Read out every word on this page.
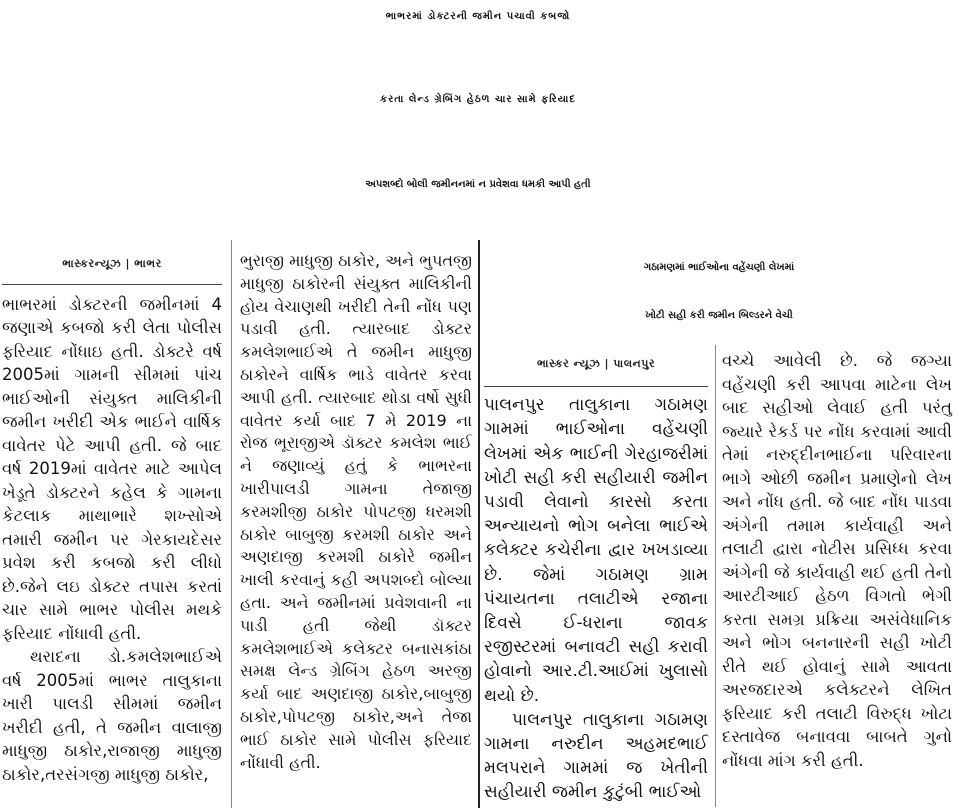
ભાભરમાં ડોક્ટરની જમીન પચાવી કબજો
કરતા લેન્ડ ગ્રેબિંગ હેઠળ ચાર સામે ફરિયાદ
અપશબ્દો બોલી જમીનનમાં ન પ્રવેશવા ધમકી આપી હતી
ભાસ્કરન્યૂઝ | ભાભર

ભાભરમાં ડોક્ટરની જમીનમાં 4 જણાએ કબજો કરી લેતા પોલીસ ફરિયાદ નોંધાઇ હતી. ડોક્ટરે વર્ષ 2005માં ગામની સીમમાં પાંચ ભાઈઓની સંયુક્ત માલિકીની જમીન ખરીદી એક ભાઈને વાર્ષિક વાવેતર પેટે આપી હતી. જે બાદ વર્ષ 2019માં વાવેતર માટે આપેલ ખેડૂતે ડોક્ટરને કહેલ કે ગામના કેટલાક માથાભારે શખ્સોએ તમારી જમીન પર ગેરકાયદેસર પ્રવેશ કરી કબજો કરી લીધો છે.જેને લઇ ડોક્ટર તપાસ કરતાં ચાર સામે ભાભર પોલીસ મથકે ફરિયાદ નોંધાવી હતી.

થરાદના ડો.કમલેશભાઈએ વર્ષ 2005માં ભાભર તાલુકાના ખારી પાલડી સીમમાં જમીન ખરીદી હતી, તે જમીન વાલાજી માધુજી ઠાકોર,રાજાજી માધુજી ઠાકોર,તરસંગજી માધુજી ઠાકોર,

ભુરાજી માધુજી ઠાકોર, અને ભુપતજી માધુજી ઠાકોરની સંયુક્ત માલિકીની હોય વેચાણથી ખરીદી તેની નોંધ પણ પડાવી હતી. ત્યારબાદ ડોક્ટર કમલેશભાઈએ તે જમીન માધુજી ઠાકોરને વાર્ષિક ભાડે વાવેતર કરવા આપી હતી. ત્યારબાદ થોડા વર્ષો સુધી વાવેતર કર્યા બાદ 7 મે 2019 ના રોજ ભૂરાજીએ ડૉક્ટર કમલેશ ભાઈ ને જણાવ્યું હતું કે ભાભરના ખારીપાલડી ગામના તેજાજી કરમશીજી ઠાકોર પોપટજી ધરમશી ઠાકોર બાબુજી કરમશી ઠાકોર અને અણદાજી કરમશી ઠાકોરે જમીન ખાલી કરવાનું કહી અપશબ્દો બોલ્યા હતા. અને જમીનમાં પ્રવેશવાની ના પાડી હતી જેથી ડૉક્ટર કમલેશભાઈએ કલેક્ટર બનાસકાંઠા સમક્ષ લેન્ડ ગ્રેબિંગ હેઠળ અરજી કર્યા બાદ અણદાજી ઠાકોર,બાબુજી ઠાકોર,પોપટજી ઠાકોર,અને તેજા ભાઈ ઠાકોર સામે પોલીસ ફરિયાદ નોંધાવી હતી.

ગઠામણમાં ભાઈઓના વહેંચણી લેખમાં
ખોટી સહી કરી જમીન બિલ્ડરને વેચી
ભાસ્કર ન્યૂઝ | પાલનપુર

પાલનપુર તાલુકાના ગઠામણ ગામમાં ભાઈઓના વહેંચણી લેખમાં એક ભાઈની ગેરહાજરીમાં ખોટી સહી કરી સહીયારી જમીન પડાવી લેવાનો કારસો કરતા અન્યાયનો ભોગ બનેલા ભાઈએ કલેક્ટર કચેરીના દ્વાર ખખડાવ્યા છે. જેમાં ગઠામણ ગ્રામ પંચાયતના તલાટીએ રજાના દિવસે ઈ-ધરાના જાવક રજીસ્ટરમાં બનાવટી સહી કરાવી હોવાનો આર.ટી.આઈમાં ખુલાસો થયો છે.

પાલનપુર તાલુકાના ગઠામણ ગામના નરુદીન અહમદભાઈ મલપરાને ગામમાં જ ખેતીની સહીયારી જમીન કુટુંબી ભાઈઓ

વચ્ચે આવેલી છે. જે જગ્યા વહેંચણી કરી આપવા માટેના લેખ બાદ સહીઓ લેવાઈ હતી પરંતુ જ્યારે રેકર્ડ પર નોંધ કરવામાં આવી તેમાં નરુદ્દીનભાઈના પરિવારના ભાગે ઓછી જમીન પ્રમાણેનો લેખ અને નોંધ હતી. જે બાદ નોંધ પાડવા અંગેની તમામ કાર્યવાહી અને તલાટી દ્વારા નોટીસ પ્રસિધ્ધ કરવા અંગેની જે કાર્યવાહી થઈ હતી તેનો આરટીઆઈ હેઠળ વિગતો ભેગી કરતા સમગ્ર પ્રક્રિયા અસંવેધાનિક અને ભોગ બનનારની સહી ખોટી રીતે થઈ હોવાનું સામે આવતા અરજદારએ કલેક્ટરને લેખિત ફરિયાદ કરી તલાટી વિરુદ્ધ ખોટા દસ્તાવેજ બનાવવા બાબતે ગુનો નોંધવા માંગ કરી હતી.
